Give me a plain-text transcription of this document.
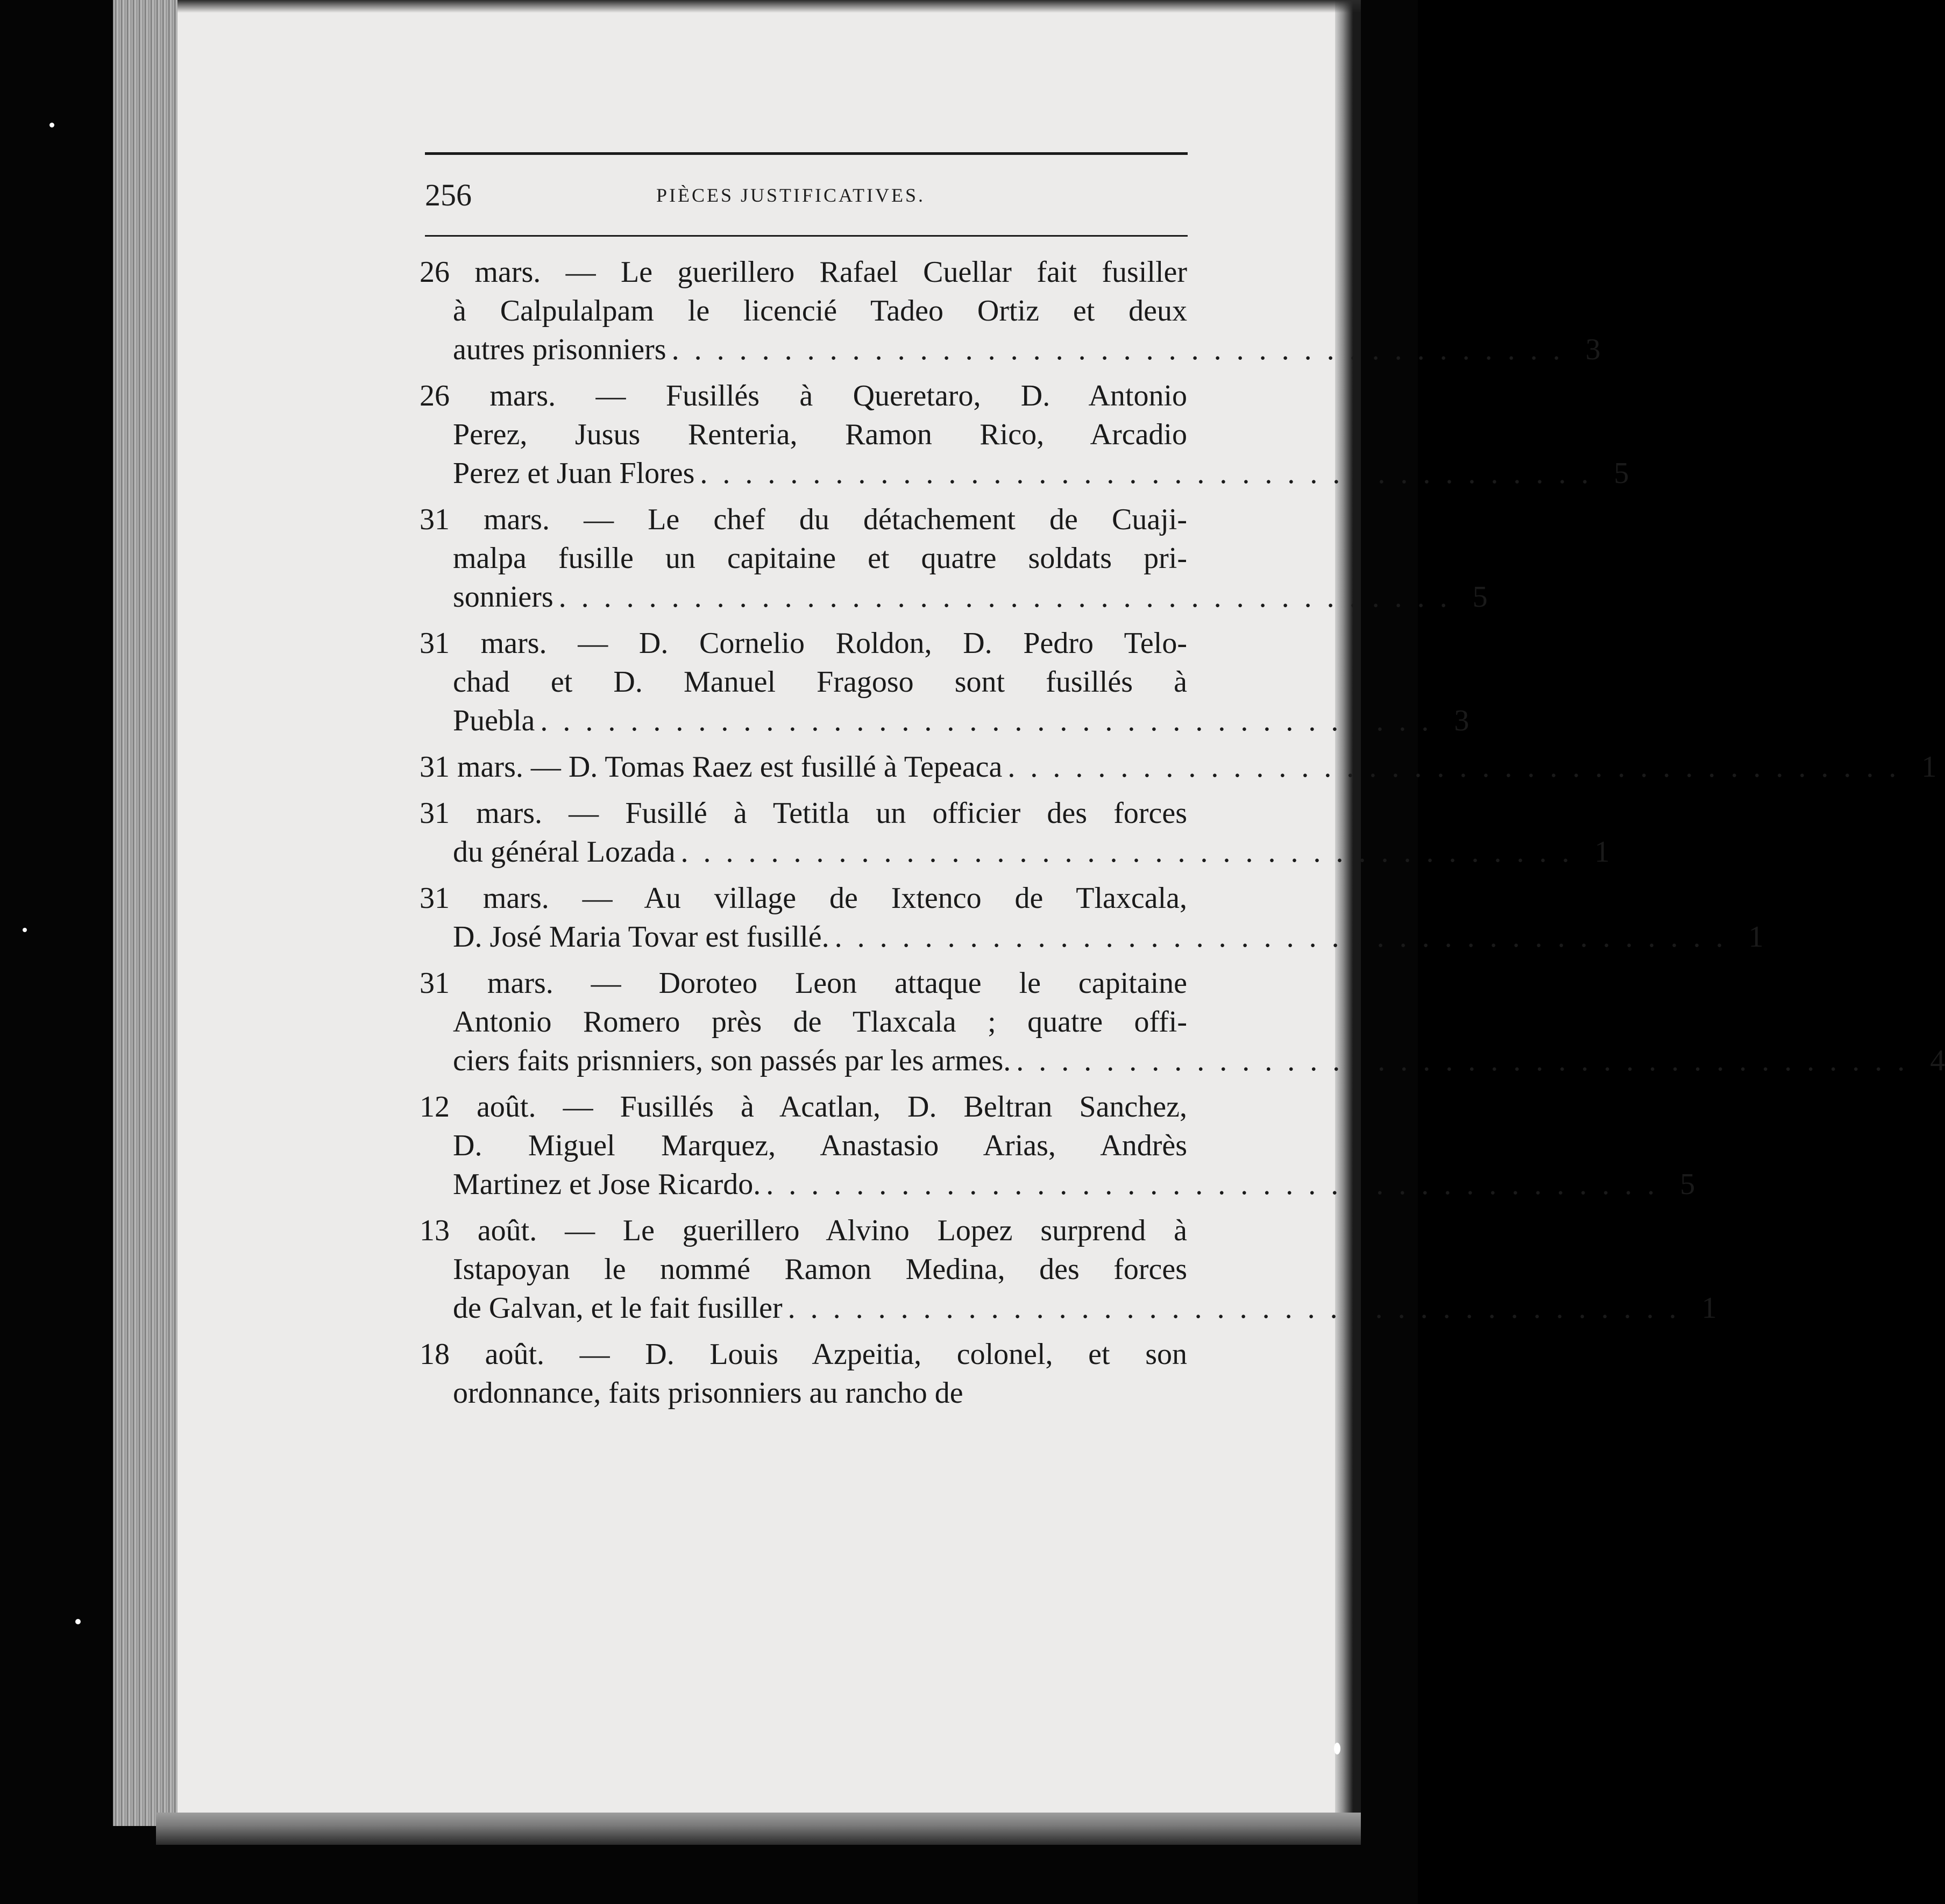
256	PIÈCES JUSTIFICATIVES.
26 mars. — Le guerillero Rafael Cuellar fait fusiller
à Calpulalpam le licencié Tadeo Ortiz et deux
autres prisonniers . . . . . . . . . . . . . . . . . . . . . . . . . . . . . . . . . . . . . . . . 3
26 mars. — Fusillés à Queretaro, D. Antonio
Perez, Jusus Renteria, Ramon Rico, Arcadio
Perez et Juan Flores . . . . . . . . . . . . . . . . . . . . . . . . . . . . . . . . . . . . . . . . 5
31 mars. — Le chef du détachement de Cuaji-
malpa fusille un capitaine et quatre soldats pri-
sonniers . . . . . . . . . . . . . . . . . . . . . . . . . . . . . . . . . . . . . . . . 5
31 mars. — D. Cornelio Roldon, D. Pedro Telo-
chad et D. Manuel Fragoso sont fusillés à
Puebla . . . . . . . . . . . . . . . . . . . . . . . . . . . . . . . . . . . . . . . . 3
31 mars. — D. Tomas Raez est fusillé à Tepeaca . . . . . . . . . . . . . . . . . . . . . . . . . . . . . . . . . . . . . . . . 1
31 mars. — Fusillé à Tetitla un officier des forces
du général Lozada . . . . . . . . . . . . . . . . . . . . . . . . . . . . . . . . . . . . . . . . 1
31 mars. — Au village de Ixtenco de Tlaxcala,
D. José Maria Tovar est fusillé. . . . . . . . . . . . . . . . . . . . . . . . . . . . . . . . . . . . . . . . . 1
31 mars. — Doroteo Leon attaque le capitaine
Antonio Romero près de Tlaxcala ; quatre offi-
ciers faits prisnniers, son passés par les armes. . . . . . . . . . . . . . . . . . . . . . . . . . . . . . . . . . . . . . . . . 4
12 août. — Fusillés à Acatlan, D. Beltran Sanchez,
D. Miguel Marquez, Anastasio Arias, Andrès
Martinez et Jose Ricardo. . . . . . . . . . . . . . . . . . . . . . . . . . . . . . . . . . . . . . . . . 5
13 août. — Le guerillero Alvino Lopez surprend à
Istapoyan le nommé Ramon Medina, des forces
de Galvan, et le fait fusiller . . . . . . . . . . . . . . . . . . . . . . . . . . . . . . . . . . . . . . . . 1
18 août. — D. Louis Azpeitia, colonel, et son
ordonnance, faits prisonniers au rancho de
